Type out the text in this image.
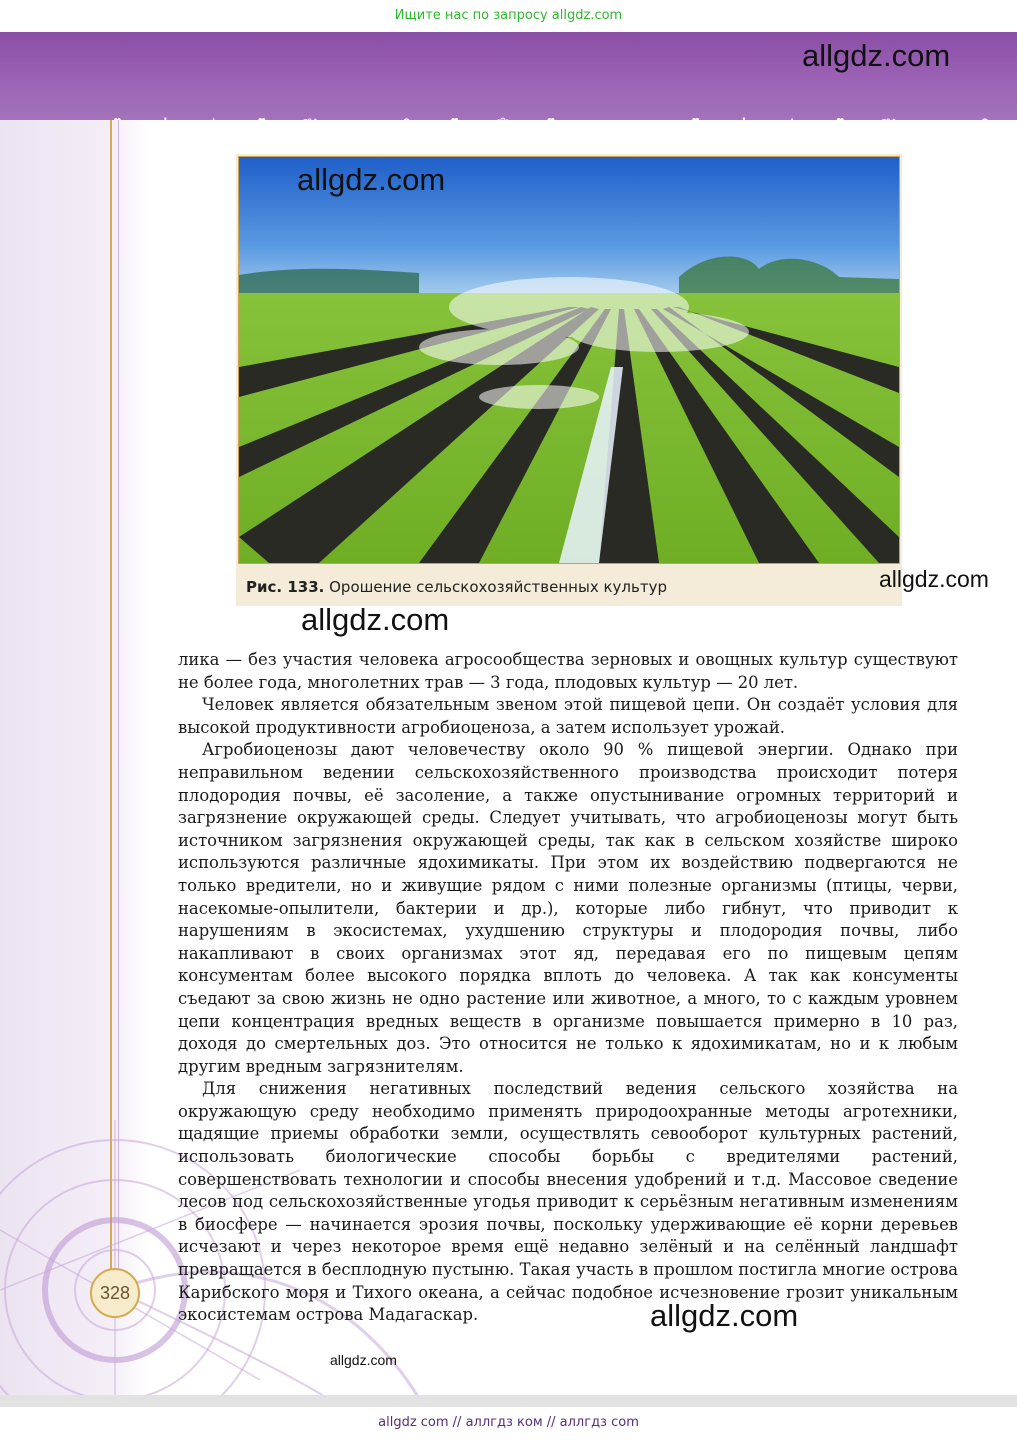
Ищите нас по запросу allgdz.com
allgdz.com
Рис. 133. Орошение сельскохозяйственных культур
allgdz.com
allgdz.com
allgdz.com

лика — без участия человека агросообщества зерновых и овощных культур существуют не более года, многолетних трав — 3 года, плодовых культур — 20 лет.

Человек является обязательным звеном этой пищевой цепи. Он создаёт условия для высокой продуктивности агробиоценоза, а затем использует урожай.

Агробиоценозы дают человечеству около 90 % пищевой энергии. Однако при неправильном ведении сельскохозяйственного производства происходит потеря плодородия почвы, её засоление, а также опустынивание огромных территорий и загрязнение окружающей среды. Следует учитывать, что агробиоценозы могут быть источником загрязнения окружающей среды, так как в сельском хозяйстве широко используются различные ядохимикаты. При этом их воздействию подвергаются не только вредители, но и живущие рядом с ними полезные организмы (птицы, черви, насекомые-опылители, бактерии и др.), которые либо гибнут, что приводит к нарушениям в экосистемах, ухудшению структуры и плодородия почвы, либо накапливают в своих организмах этот яд, передавая его по пищевым цепям консументам более высокого порядка вплоть до человека. А так как консументы съедают за свою жизнь не одно растение или животное, а много, то с каждым уровнем цепи концентрация вредных веществ в организме повышается примерно в 10 раз, доходя до смертельных доз. Это относится не только к ядохимикатам, но и к любым другим вредным загрязнителям.

Для снижения негативных последствий ведения сельского хозяйства на окружающую среду необходимо применять природоохранные методы агротехники, щадящие приемы обработки земли, осуществлять севооборот культурных растений, использовать биологические способы борьбы с вредителями растений, совершенствовать технологии и способы внесения удобрений и т.д. Массовое сведение лесов под сельскохозяйственные угодья приводит к серьёзным негативным изменениям в биосфере — начинается эрозия почвы, поскольку удерживающие её корни деревьев исчезают и через некоторое время ещё недавно зелёный и на селённый ландшафт превращается в бесплодную пустыню. Такая участь в прошлом постигла многие острова Карибского моря и Тихого океана, а сейчас подобное исчезновение грозит уникальным экосистемам острова Мадагаскар.

328
allgdz.com
allgdz.com
allgdz com // аллгдз ком // аллгдз com
